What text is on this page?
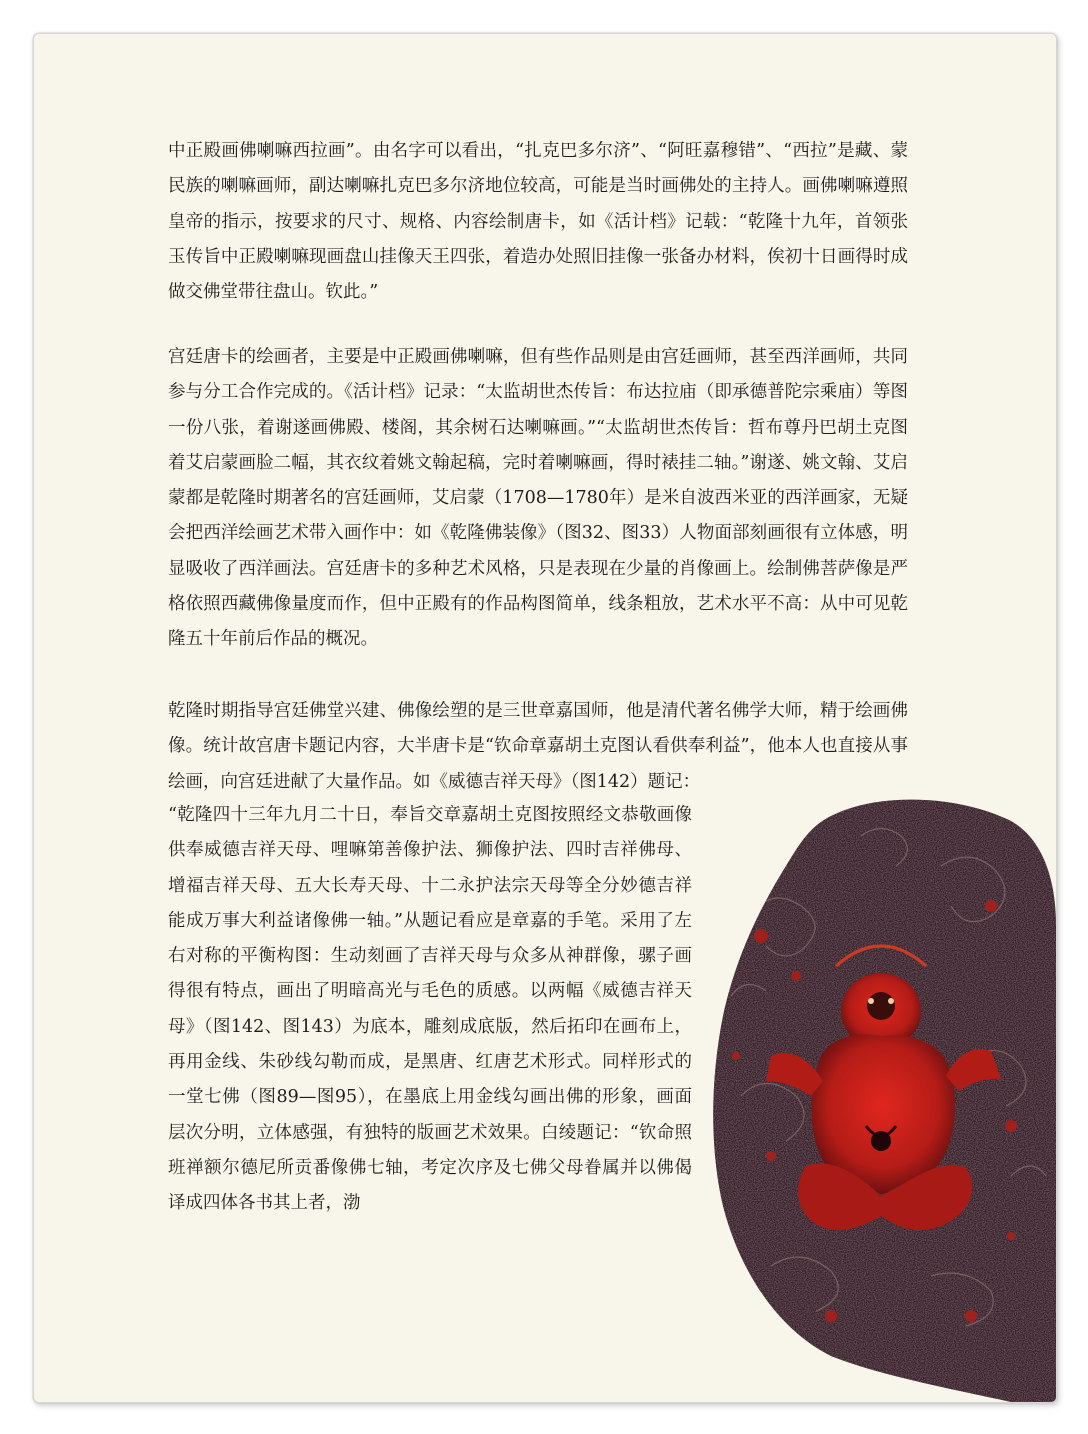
中正殿画佛喇嘛西拉画”。由名字可以看出，“扎克巴多尔济”、“阿旺嘉穆错”、“西拉”是藏、蒙民族的喇嘛画师，副达喇嘛扎克巴多尔济地位较高，可能是当时画佛处的主持人。画佛喇嘛遵照皇帝的指示，按要求的尺寸、规格、内容绘制唐卡，如《活计档》记载：“乾隆十九年，首领张玉传旨中正殿喇嘛现画盘山挂像天王四张，着造办处照旧挂像一张备办材料，俟初十日画得时成做交佛堂带往盘山。钦此。”

宫廷唐卡的绘画者，主要是中正殿画佛喇嘛，但有些作品则是由宫廷画师，甚至西洋画师，共同参与分工合作完成的。《活计档》记录：“太监胡世杰传旨：布达拉庙（即承德普陀宗乘庙）等图一份八张，着谢遂画佛殿、楼阁，其余树石达喇嘛画。”“太监胡世杰传旨：哲布尊丹巴胡土克图着艾启蒙画脸二幅，其衣纹着姚文翰起稿，完时着喇嘛画，得时裱挂二轴。”谢遂、姚文翰、艾启蒙都是乾隆时期著名的宫廷画师，艾启蒙（1708—1780年）是米自波西米亚的西洋画家，无疑会把西洋绘画艺术带入画作中：如《乾隆佛装像》（图32、图33）人物面部刻画很有立体感，明显吸收了西洋画法。宫廷唐卡的多种艺术风格，只是表现在少量的肖像画上。绘制佛菩萨像是严格依照西藏佛像量度而作，但中正殿有的作品构图简单，线条粗放，艺术水平不高：从中可见乾隆五十年前后作品的概况。

乾隆时期指导宫廷佛堂兴建、佛像绘塑的是三世章嘉国师，他是清代著名佛学大师，精于绘画佛像。统计故宫唐卡题记内容，大半唐卡是“钦命章嘉胡土克图认看供奉利益”，他本人也直接从事绘画，向宫廷进献了大量作品。如《威德吉祥天母》（图142）题记：

“乾隆四十三年九月二十日，奉旨交章嘉胡土克图按照经文恭敬画像供奉威德吉祥天母、哩嘛第善像护法、狮像护法、四时吉祥佛母、增福吉祥天母、五大长寿天母、十二永护法宗天母等全分妙德吉祥能成万事大利益诸像佛一轴。”从题记看应是章嘉的手笔。采用了左右对称的平衡构图：生动刻画了吉祥天母与众多从神群像，骡子画得很有特点，画出了明暗高光与毛色的质感。以两幅《威德吉祥天母》（图142、图143）为底本，雕刻成底版，然后拓印在画布上，再用金线、朱砂线勾勒而成，是黑唐、红唐艺术形式。同样形式的一堂七佛（图89—图95），在墨底上用金线勾画出佛的形象，画面层次分明，立体感强，有独特的版画艺术效果。白绫题记：“钦命照班禅额尔德尼所贡番像佛七轴，考定次序及七佛父母眷属并以佛偈译成四体各书其上者，渤
